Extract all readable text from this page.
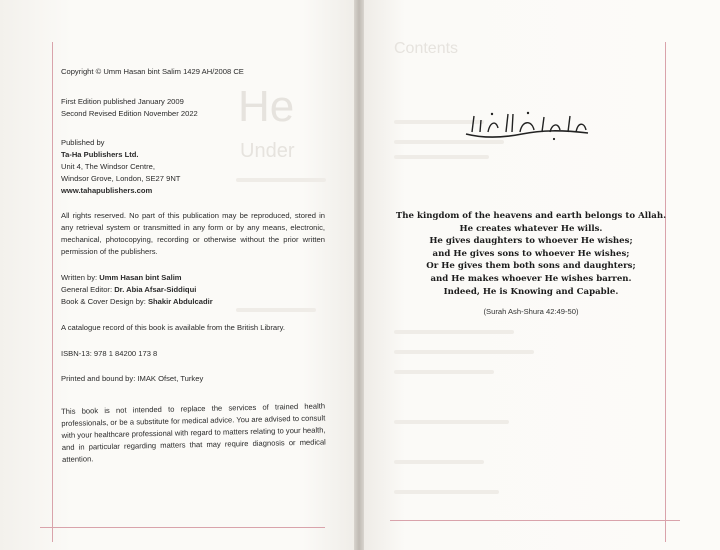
He
Under
Contents
Copyright © Umm Hasan bint Salim 1429 AH/2008 CE

First Edition published January 2009

Second Revised Edition November 2022

Published by

Ta-Ha Publishers Ltd.

Unit 4, The Windsor Centre,

Windsor Grove, London, SE27 9NT

www.tahapublishers.com

All rights reserved. No part of this publication may be reproduced, stored in any retrieval system or transmitted in any form or by any means, electronic, mechanical, photocopying, recording or otherwise without the prior written permission of the publishers.

Written by: Umm Hasan bint Salim

General Editor: Dr. Abia Afsar-Siddiqui

Book & Cover Design by: Shakir Abdulcadir

A catalogue record of this book is available from the British Library.
ISBN-13: 978 1 84200 173 8
Printed and bound by: IMAK Ofset, Turkey
This book is not intended to replace the services of trained health professionals, or be a substitute for medical advice. You are advised to consult with your healthcare professional with regard to matters relating to your health, and in particular regarding matters that may require diagnosis or medical attention.
بِسْمِ اللَّهِ الرَّحْمَٰنِ الرَّحِيمِ

The kingdom of the heavens and earth belongs to Allah.

He creates whatever He wills.

He gives daughters to whoever He wishes;

and He gives sons to whoever He wishes;

Or He gives them both sons and daughters;

and He makes whoever He wishes barren.

Indeed, He is Knowing and Capable.

(Surah Ash-Shura 42:49-50)
